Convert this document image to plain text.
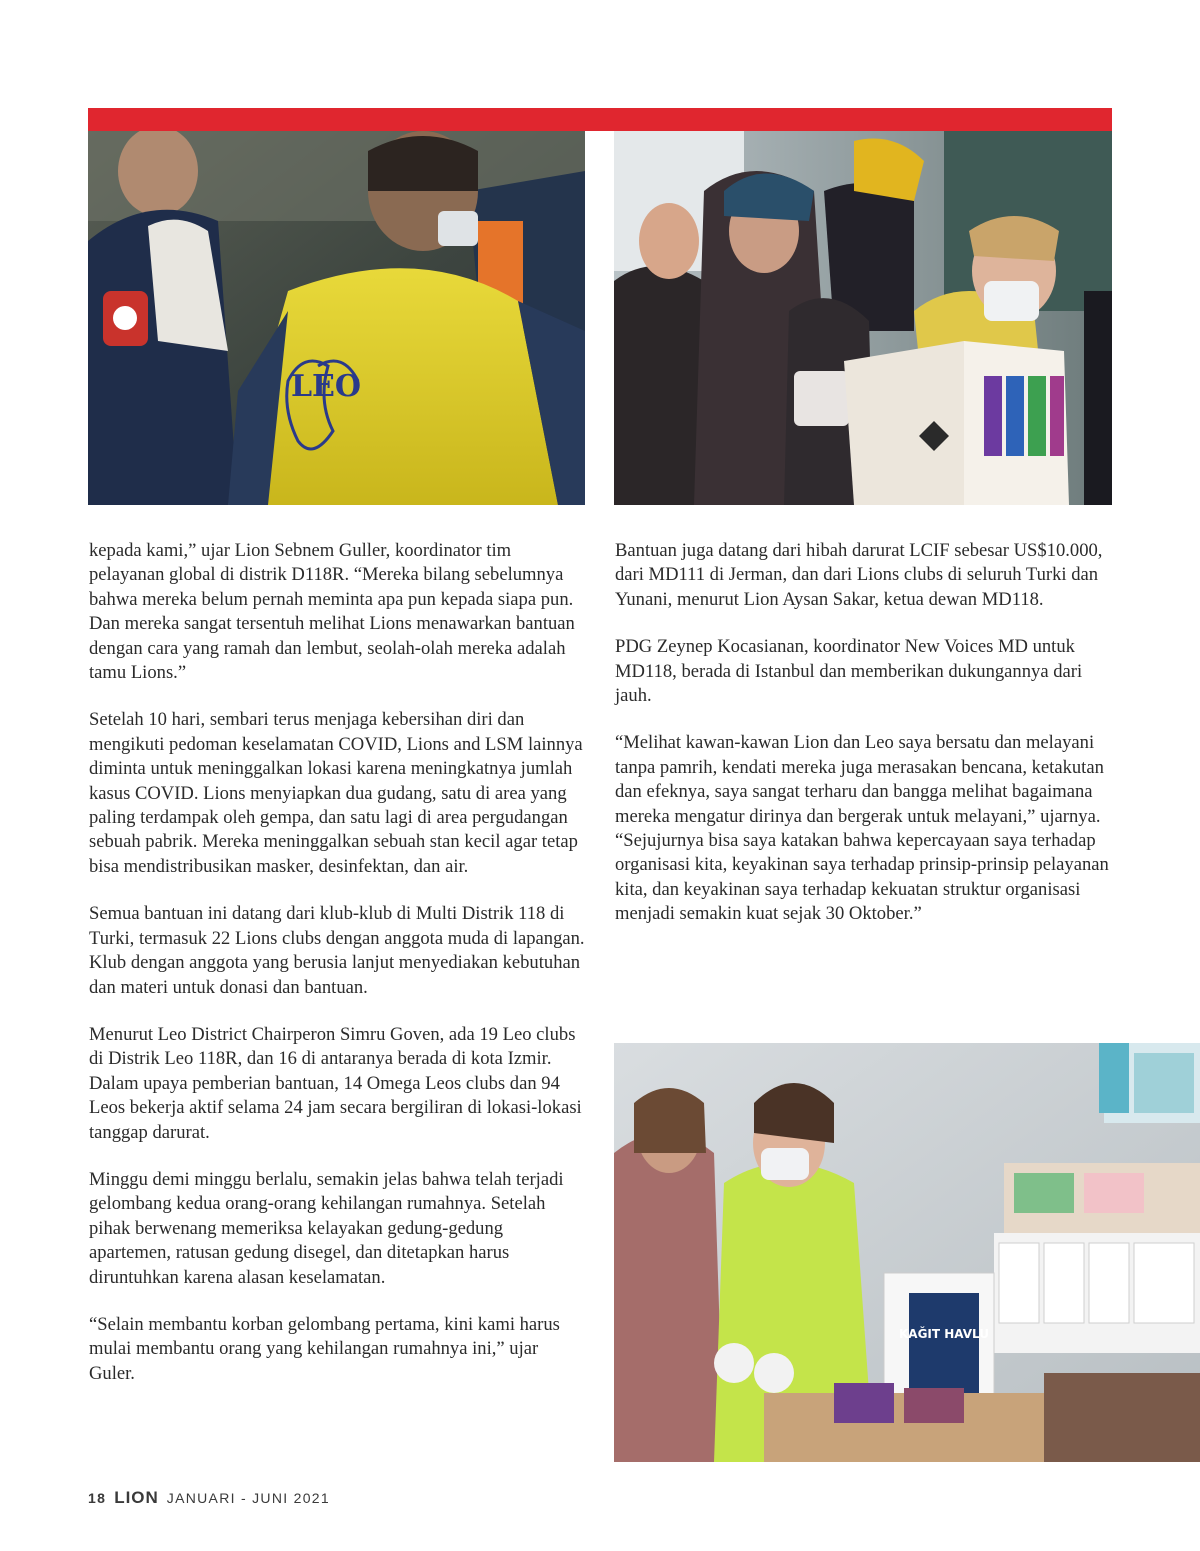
LEO
KAĞIT HAVLU

kepada kami,” ujar Lion Sebnem Guller, koordinator tim pelayanan global di distrik D118R. “Mereka bilang sebelumnya bahwa mereka belum pernah meminta apa pun kepada siapa pun. Dan mereka sangat tersentuh melihat Lions menawarkan bantuan dengan cara yang ramah dan lembut, seolah-olah mereka adalah tamu Lions.”

Setelah 10 hari, sembari terus menjaga kebersihan diri dan mengikuti pedoman keselamatan COVID, Lions and LSM lainnya diminta untuk meninggalkan lokasi karena meningkatnya jumlah kasus COVID. Lions menyiapkan dua gudang, satu di area yang paling terdampak oleh gempa, dan satu lagi di area pergudangan sebuah pabrik. Mereka meninggalkan sebuah stan kecil agar tetap bisa mendistribusikan masker, desinfektan, dan air.

Semua bantuan ini datang dari klub-klub di Multi Distrik 118 di Turki, termasuk 22 Lions clubs dengan anggota muda di lapangan. Klub dengan anggota yang berusia lanjut menyediakan kebutuhan dan materi untuk donasi dan bantuan.

Menurut Leo District Chairperon Simru Goven, ada 19 Leo clubs di Distrik Leo 118R, dan 16 di antaranya berada di kota Izmir. Dalam upaya pemberian bantuan, 14 Omega Leos clubs dan 94 Leos bekerja aktif selama 24 jam secara bergiliran di lokasi-lokasi tanggap darurat.

Minggu demi minggu berlalu, semakin jelas bahwa telah terjadi gelombang kedua orang-orang kehilangan rumahnya. Setelah pihak berwenang memeriksa kelayakan gedung-gedung apartemen, ratusan gedung disegel, dan ditetapkan harus diruntuhkan karena alasan keselamatan.

“Selain membantu korban gelombang pertama, kini kami harus mulai membantu orang yang kehilangan rumahnya ini,” ujar Guler.

Bantuan juga datang dari hibah darurat LCIF sebesar US$10.000, dari MD111 di Jerman, dan dari Lions clubs di seluruh Turki dan Yunani, menurut Lion Aysan Sakar, ketua dewan MD118.

PDG Zeynep Kocasianan, koordinator New Voices MD untuk MD118, berada di Istanbul dan memberikan dukungannya dari jauh.

“Melihat kawan-kawan Lion dan Leo saya bersatu dan melayani tanpa pamrih, kendati mereka juga merasakan bencana, ketakutan dan efeknya, saya sangat terharu dan bangga melihat bagaimana mereka mengatur dirinya dan bergerak untuk melayani,” ujarnya. “Sejujurnya bisa saya katakan bahwa kepercayaan saya terhadap organisasi kita, keyakinan saya terhadap prinsip-prinsip pelayanan kita, dan keyakinan saya terhadap kekuatan struktur organisasi menjadi semakin kuat sejak 30 Oktober.”

18 LION JANUARI - JUNI 2021
